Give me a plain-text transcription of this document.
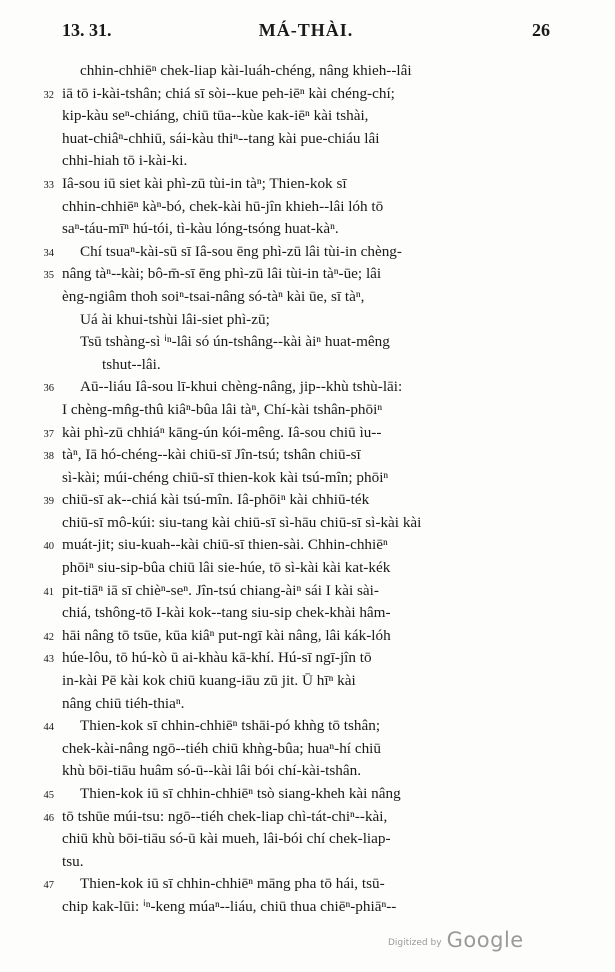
13. 31.	MÁ-THÀI.	26
chhin-chhiēⁿ chek-liap kài-luáh-chéng, nâng khieh--lâi
32 iā tō i-kài-tshân; chiá sī sòi--kue peh-iēⁿ kài chéng-chí;
kip-kàu seⁿ-chiáng, chiū tūa--kùe kak-iēⁿ kài tshài,
huat-chiâⁿ-chhiū, sái-kàu thiⁿ--tang kài pue-chiáu lâi
chhi-hiah tō i-kài-ki.
33 Iâ-sou iū siet kài phì-zū tùi-in tàⁿ; Thien-kok sī
chhin-chhiēⁿ kàⁿ-bó, chek-kài hū-jîn khieh--lâi lóh tō
saⁿ-táu-mīⁿ hú-tói, tì-kàu lóng-tsóng huat-kàⁿ.
34 Chí tsuaⁿ-kài-sū sī Iâ-sou ēng phì-zū lâi tùi-in chèng-
35 nâng tàⁿ--kài; bô-m̄-sī ēng phì-zū lâi tùi-in tàⁿ-ūe; lâi
èng-ngiâm thoh soiⁿ-tsai-nâng só-tàⁿ kài ūe, sī tàⁿ,
Uá ài khui-tshùi lâi-siet phì-zū;
Tsū tshàng-sì ⁱⁿ-lâi só ún-tshâng--kài àiⁿ huat-mêng
tshut--lâi.
36 Aū--liáu Iâ-sou lī-khui chèng-nâng, jip--khù tshù-lāi:
I chèng-mn̂g-thû kiâⁿ-bûa lâi tàⁿ, Chí-kài tshân-phōiⁿ
37 kài phì-zū chhiáⁿ kāng-ún kói-mêng. Iâ-sou chiū ìu--
38 tàⁿ, Iā hó-chéng--kài chiū-sī Jîn-tsú; tshân chiū-sī
sì-kài; múi-chéng chiū-sī thien-kok kài tsú-mîn; phōiⁿ
39 chiū-sī ak--chiá kài tsú-mîn. Iâ-phōiⁿ kài chhiū-ték
chiū-sī mô-kúi: siu-tang kài chiū-sī sì-hāu chiū-sī sì-kài kài
40 muát-jit; siu-kuah--kài chiū-sī thien-sài. Chhin-chhiēⁿ
phōiⁿ siu-sip-bûa chiū lâi sie-húe, tō sì-kài kài kat-kék
41 pit-tiāⁿ iā sī chièⁿ-seⁿ. Jîn-tsú chiang-àiⁿ sái I kài sài-
chiá, tshông-tō I-kài kok--tang siu-sip chek-khài hâm-
42 hāi nâng tō tsūe, kūa kiâⁿ put-ngī kài nâng, lâi kák-lóh
43 húe-lôu, tō hú-kò ū ai-khàu kā-khí. Hú-sī ngī-jîn tō
in-kài Pē kài kok chiū kuang-iāu zū jit. Ū hīⁿ kài
nâng chiū tiéh-thiaⁿ.
44 Thien-kok sī chhin-chhiēⁿ tshāi-pó khǹg tō tshân;
chek-kài-nâng ngō--tiéh chiū khǹg-bûa; huaⁿ-hí chiū
khù bōi-tiāu huâm só-ū--kài lâi bói chí-kài-tshân.
45 Thien-kok iū sī chhin-chhiēⁿ tsò siang-kheh kài nâng
46 tō tshūe múi-tsu: ngō--tiéh chek-liap chì-tát-chiⁿ--kài,
chiū khù bōi-tiāu só-ū kài mueh, lâi-bói chí chek-liap-
tsu.
47 Thien-kok iū sī chhin-chhiēⁿ māng pha tō hái, tsū-
chip kak-lūi: ⁱⁿ-keng múaⁿ--liáu, chiū thua chiēⁿ-phiāⁿ--
Digitized by Google
